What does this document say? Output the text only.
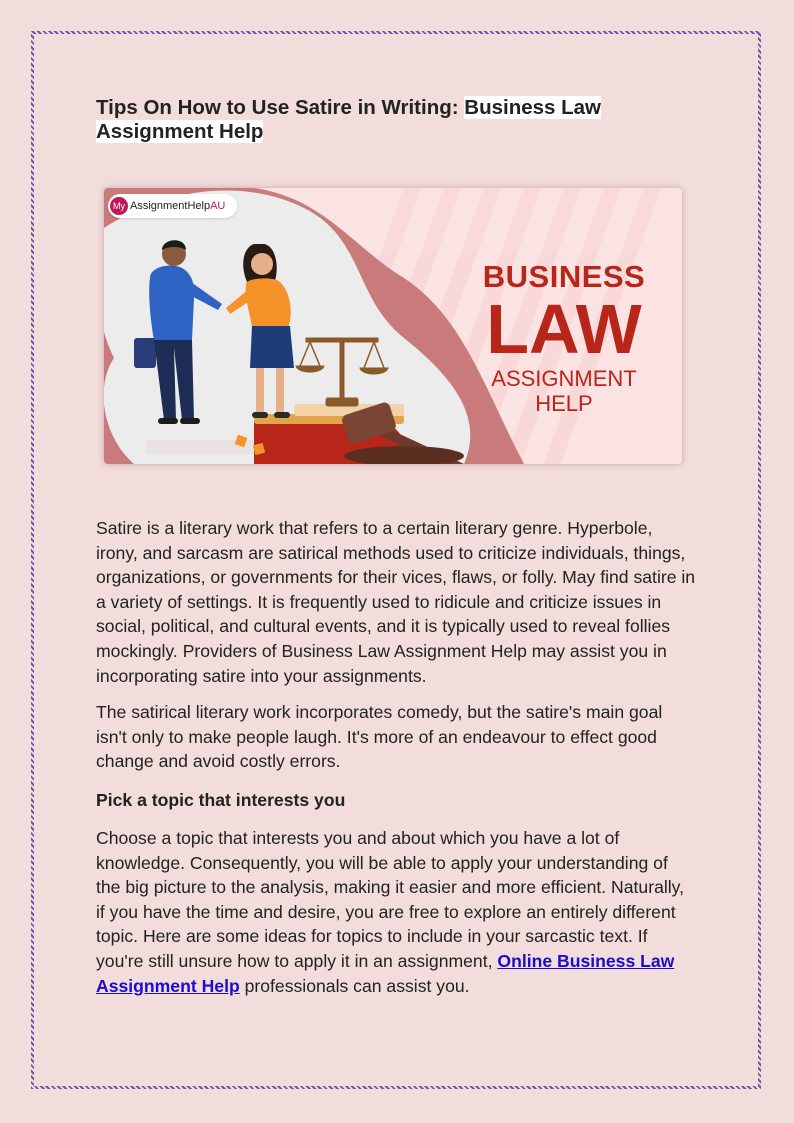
Tips On How to Use Satire in Writing: Business Law
Assignment Help
My AssignmentHelp AU
BUSINESS
LAW
ASSIGNMENT
HELP

Satire is a literary work that refers to a certain literary genre. Hyperbole, irony, and sarcasm are satirical methods used to criticize individuals, things, organizations, or governments for their vices, flaws, or folly. May find satire in a variety of settings. It is frequently used to ridicule and criticize issues in social, political, and cultural events, and it is typically used to reveal follies mockingly. Providers of Business Law Assignment Help may assist you in incorporating satire into your assignments.

The satirical literary work incorporates comedy, but the satire's main goal isn't only to make people laugh. It's more of an endeavour to effect good change and avoid costly errors.

Pick a topic that interests you

Choose a topic that interests you and about which you have a lot of knowledge. Consequently, you will be able to apply your understanding of the big picture to the analysis, making it easier and more efficient. Naturally, if you have the time and desire, you are free to explore an entirely different topic. Here are some ideas for topics to include in your sarcastic text. If you're still unsure how to apply it in an assignment, Online Business Law Assignment Help professionals can assist you.
